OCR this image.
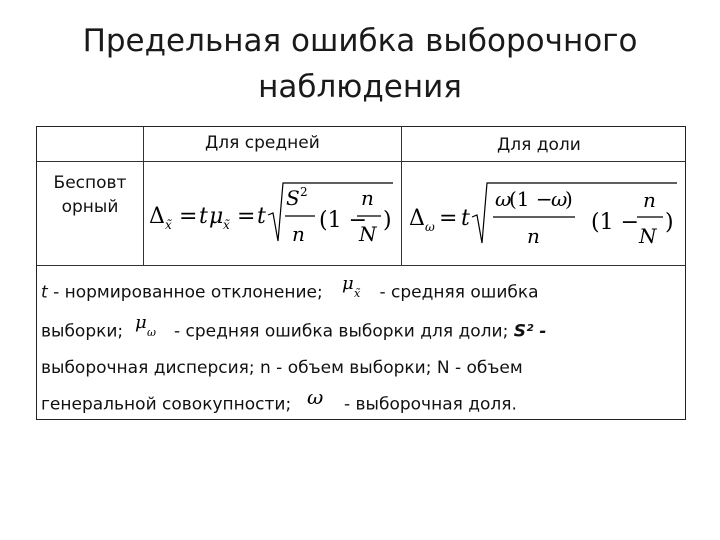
Предельная ошибка выборочного
наблюдения
Для средней	Для доли
Бесповт
орный	Δ x̃ = t μ x̃ = t
S 2
n
(1 −
n
N
) Δ ω = t
ω
(1 −
ω
)
n
(1 −
n
N
)
t - нормированное отклонение; μ x̃ - средняя ошибка
выборки; μ ω - средняя ошибка выборки для доли; S² -
выборочная дисперсия; n - объем выборки; N - объем
генеральной совокупности; ω - выборочная доля.
